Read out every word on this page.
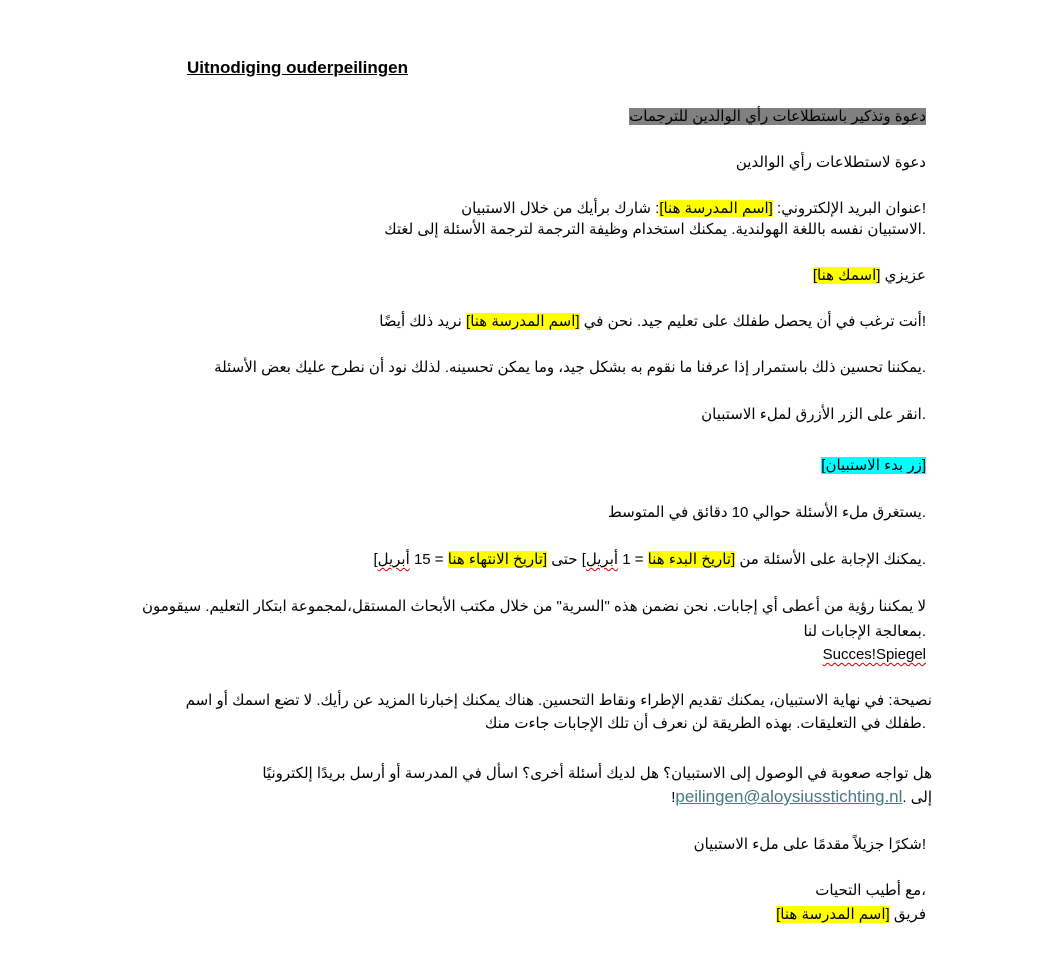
Uitnodiging ouderpeilingen
دعوة وتذكير باستطلاعات رأي الوالدين للترجمات
دعوة لاستطلاعات رأي الوالدين
!عنوان البريد الإلكتروني: [اسم المدرسة هنا]: شارك برأيك من خلال الاستبيان
.الاستبيان نفسه باللغة الهولندية. يمكنك استخدام وظيفة الترجمة لترجمة الأسئلة إلى لغتك
عزيزي [اسمك هنا]
!أنت ترغب في أن يحصل طفلك على تعليم جيد. نحن في [اسم المدرسة هنا] نريد ذلك أيضًا
.يمكننا تحسين ذلك باستمرار إذا عرفنا ما نقوم به بشكل جيد، وما يمكن تحسينه. لذلك نود أن نطرح عليك بعض الأسئلة
.انقر على الزر الأزرق لملء الاستبيان
[زر بدء الاستبيان]
.يستغرق ملء الأسئلة حوالي 10 دقائق في المتوسط
.يمكنك الإجابة على الأسئلة من [تاريخ البدء هنا = 1 أبريل] حتى [تاريخ الانتهاء هنا = 15 أبريل]
لا يمكننا رؤية من أعطى أي إجابات. نحن نضمن هذه "السرية" من خلال مكتب الأبحاث المستقل،لمجموعة ابتكار التعليم. سيقومون
.بمعالجة الإجابات لنا
Succes!Spiegel
نصيحة: في نهاية الاستبيان، يمكنك تقديم الإطراء ونقاط التحسين. هناك يمكنك إخبارنا المزيد عن رأيك. لا تضع اسمك أو اسم
.طفلك في التعليقات. بهذه الطريقة لن نعرف أن تلك الإجابات جاءت منك
هل تواجه صعوبة في الوصول إلى الاستبيان؟ هل لديك أسئلة أخرى؟ اسأل في المدرسة أو أرسل بريدًا إلكترونيًا
إلى .peilingen@aloysiusstichting.nl!
!شكرًا جزيلاً مقدمًا على ملء الاستبيان
،مع أطيب التحيات
فريق [اسم المدرسة هنا]
